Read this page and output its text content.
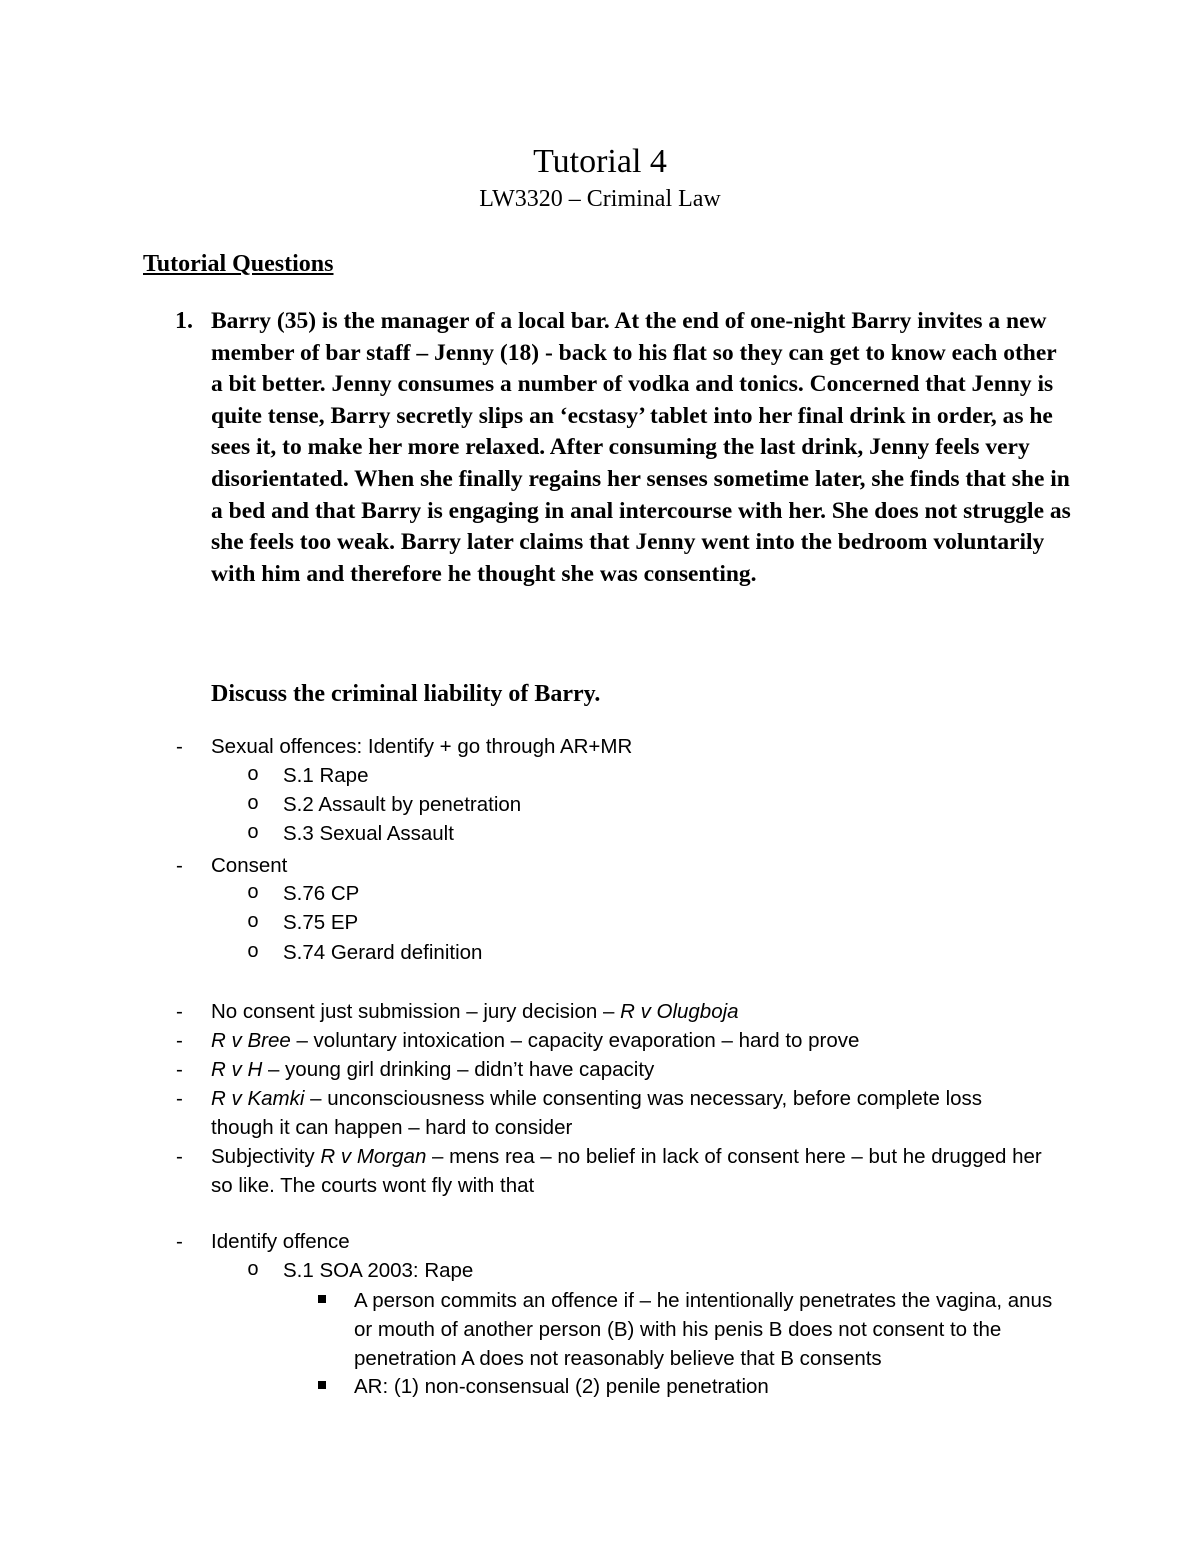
Tutorial 4
LW3320 – Criminal Law
Tutorial Questions
1. Barry (35) is the manager of a local bar. At the end of one-night Barry invites a new member of bar staff – Jenny (18) - back to his flat so they can get to know each other a bit better. Jenny consumes a number of vodka and tonics. Concerned that Jenny is quite tense, Barry secretly slips an ‘ecstasy’ tablet into her final drink in order, as he sees it, to make her more relaxed. After consuming the last drink, Jenny feels very disorientated. When she finally regains her senses sometime later, she finds that she in a bed and that Barry is engaging in anal intercourse with her. She does not struggle as she feels too weak. Barry later claims that Jenny went into the bedroom voluntarily with him and therefore he thought she was consenting.

Discuss the criminal liability of Barry.
- Sexual offences: Identify + go through AR+MR
o S.1 Rape
o S.2 Assault by penetration
o S.3 Sexual Assault
- Consent
o S.76 CP
o S.75 EP
o S.74 Gerard definition
- No consent just submission – jury decision – R v Olugboja
- R v Bree – voluntary intoxication – capacity evaporation – hard to prove
- R v H – young girl drinking – didn’t have capacity
- R v Kamki – unconsciousness while consenting was necessary, before complete loss though it can happen – hard to consider
- Subjectivity R v Morgan – mens rea – no belief in lack of consent here – but he drugged her so like. The courts wont fly with that
- Identify offence
o S.1 SOA 2003: Rape
A person commits an offence if – he intentionally penetrates the vagina, anus or mouth of another person (B) with his penis B does not consent to the penetration A does not reasonably believe that B consents
AR: (1) non-consensual (2) penile penetration
